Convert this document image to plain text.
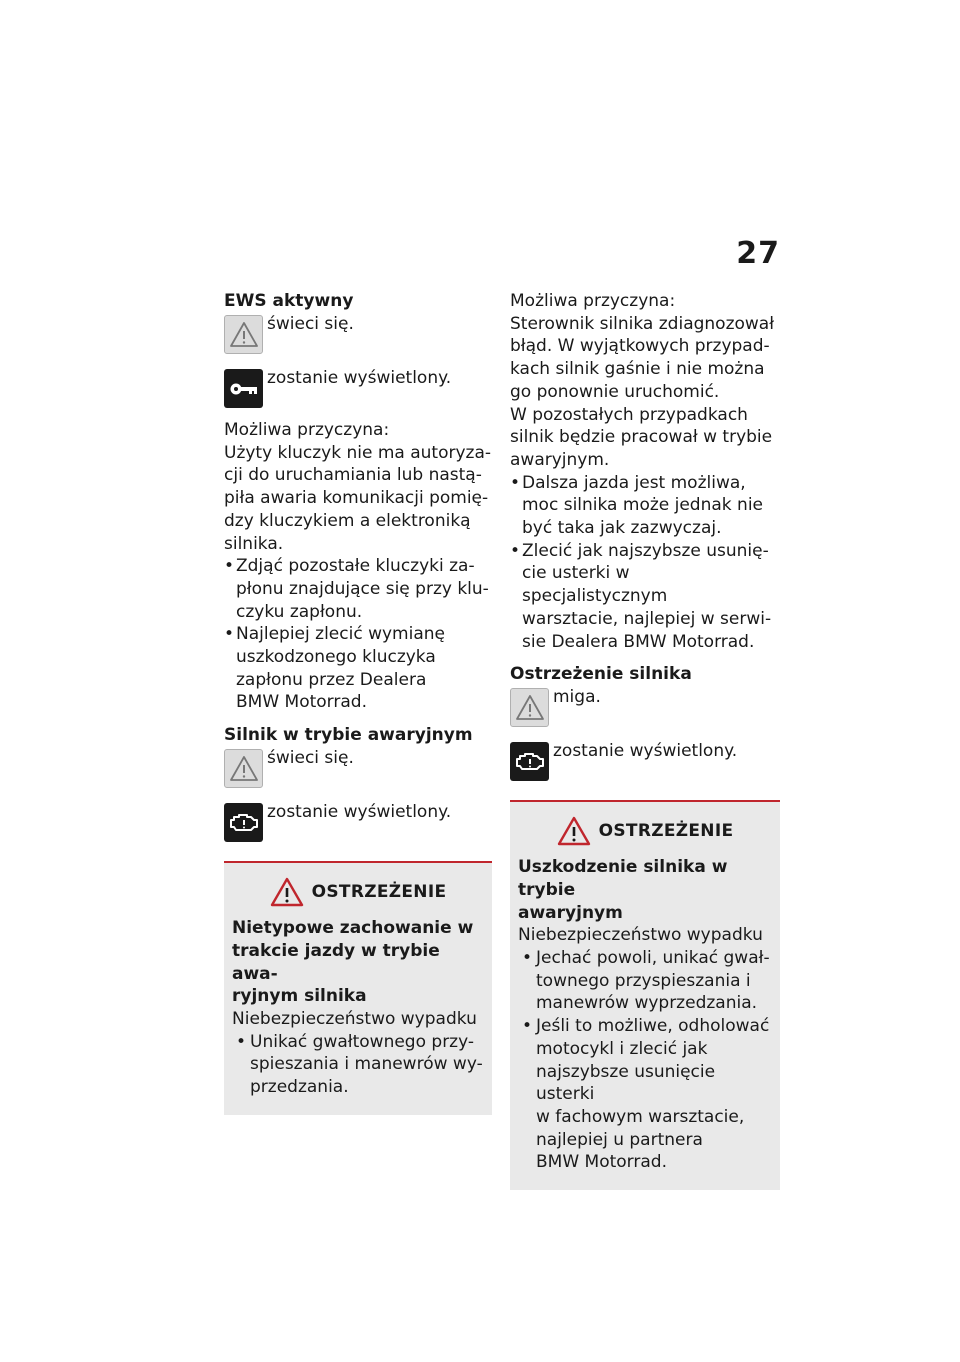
27

EWS aktywny

świeci się.
zostanie wyświetlony.

Możliwa przyczyna:

Użyty kluczyk nie ma autoryza-
cji do uruchamiania lub nastą-
piła awaria komunikacji pomię-
dzy kluczykiem a elektroniką
silnika.

• Zdjąć pozostałe kluczyki za-
płonu znajdujące się przy klu-
czyku zapłonu.
• Najlepiej zlecić wymianę
uszkodzonego kluczyka
zapłonu przez Dealera
BMW Motorrad.

Silnik w trybie awaryjnym

świeci się.
zostanie wyświetlony.
OSTRZEŻENIE

Nietypowe zachowanie w
trakcie jazdy w trybie awa-
ryjnym silnika

Niebezpieczeństwo wypadku

• Unikać gwałtownego przy-
spieszania i manewrów wy-
przedzania.

Możliwa przyczyna:

Sterownik silnika zdiagnozował
błąd. W wyjątkowych przypad-
kach silnik gaśnie i nie można
go ponownie uruchomić.
W pozostałych przypadkach
silnik będzie pracował w trybie
awaryjnym.

• Dalsza jazda jest możliwa,
moc silnika może jednak nie
być taka jak zazwyczaj.
• Zlecić jak najszybsze usunię-
cie usterki w specjalistycznym
warsztacie, najlepiej w serwi-
sie Dealera BMW Motorrad.

Ostrzeżenie silnika

miga.
zostanie wyświetlony.
OSTRZEŻENIE

Uszkodzenie silnika w trybie
awaryjnym

Niebezpieczeństwo wypadku

• Jechać powoli, unikać gwał-
townego przyspieszania i
manewrów wyprzedzania.
• Jeśli to możliwe, odholować
motocykl i zlecić jak
najszybsze usunięcie usterki
w fachowym warsztacie,
najlepiej u partnera
BMW Motorrad.
